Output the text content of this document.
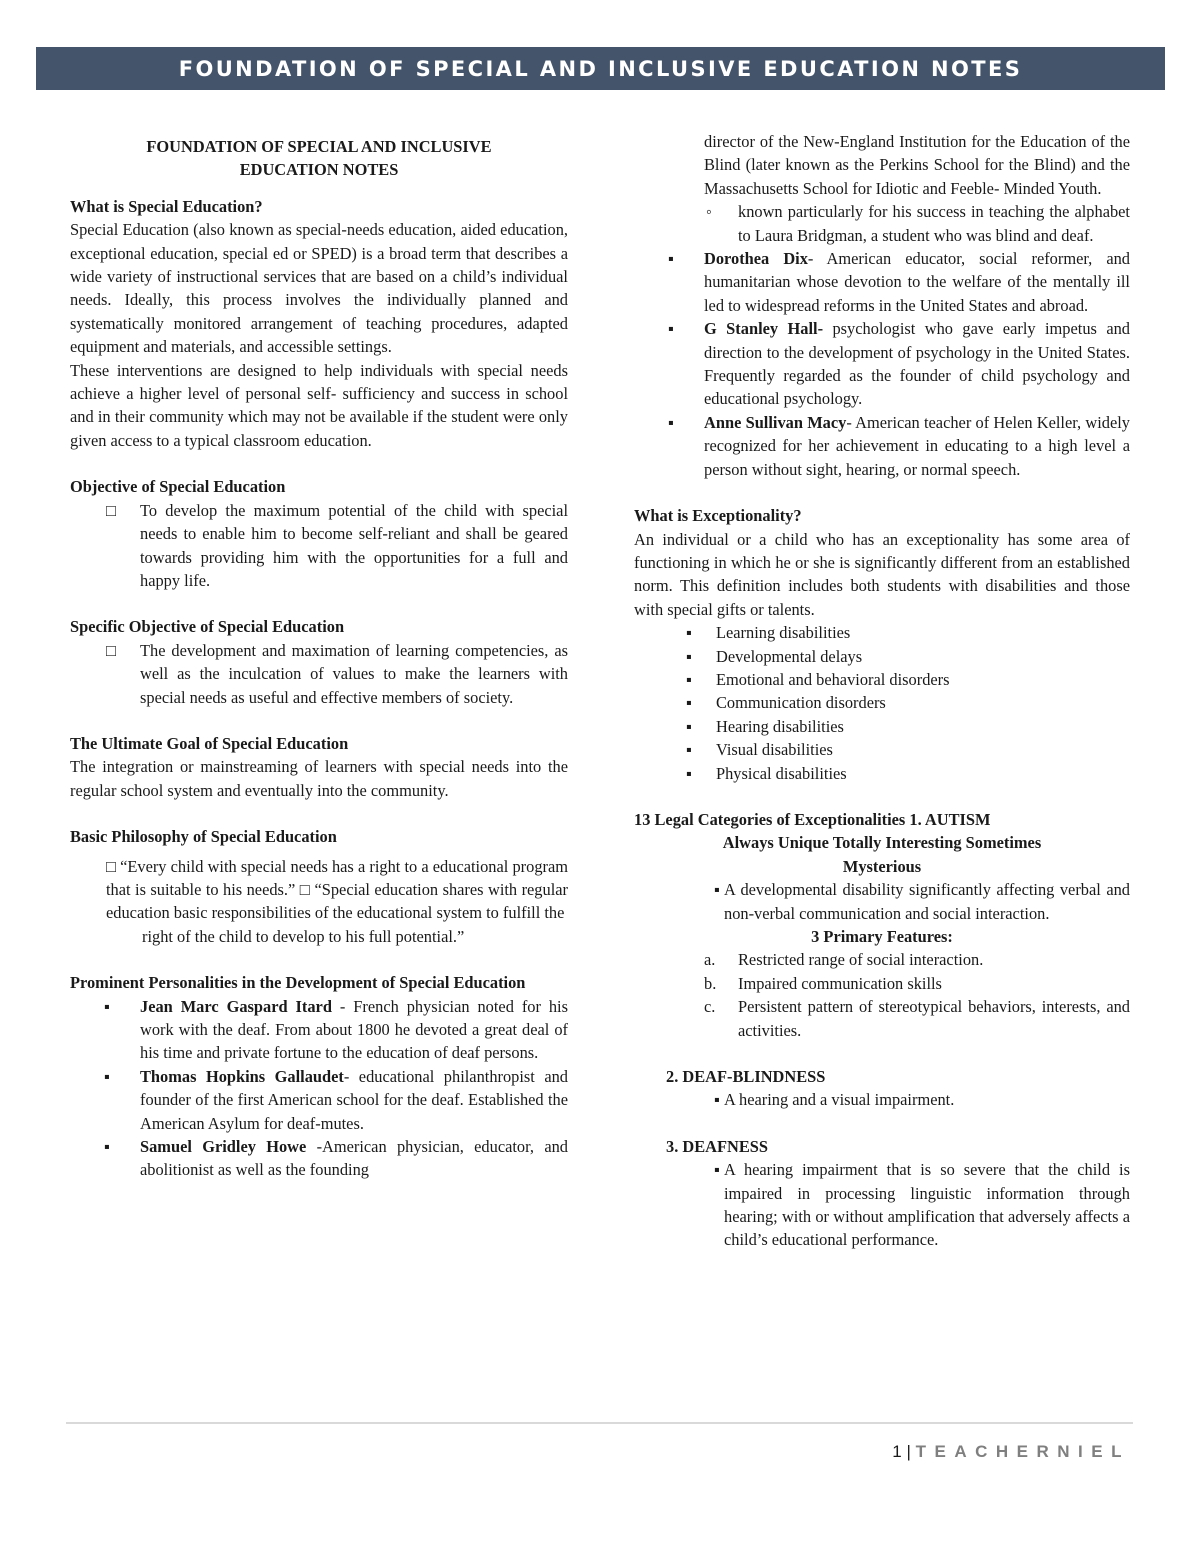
FOUNDATION OF SPECIAL AND INCLUSIVE EDUCATION NOTES

FOUNDATION OF SPECIAL AND INCLUSIVE
EDUCATION NOTES

What is Special Education?

Special Education (also known as special-needs education, aided education, exceptional education, special ed or SPED) is a broad term that describes a wide variety of instructional services that are based on a child’s individual needs. Ideally, this process involves the individually planned and systematically monitored arrangement of teaching procedures, adapted equipment and materials, and accessible settings.

These interventions are designed to help individuals with special needs achieve a higher level of personal self- sufficiency and success in school and in their community which may not be available if the student were only given access to a typical classroom education.

Objective of Special Education

□	To develop the maximum potential of the child with special needs to enable him to become self-reliant and shall be geared towards providing him with the opportunities for a full and happy life.

Specific Objective of Special Education

□	The development and maximation of learning competencies, as well as the inculcation of values to make the learners with special needs as useful and effective members of society.

The Ultimate Goal of Special Education

The integration or mainstreaming of learners with special needs into the regular school system and eventually into the community.

Basic Philosophy of Special Education

□ “Every child with special needs has a right to a educational program that is suitable to his needs.” □ “Special education shares with regular education basic responsibilities of the educational system to fulfill the

right of the child to develop to his full potential.”

Prominent Personalities in the Development of Special Education

▪	Jean Marc Gaspard Itard - French physician noted for his work with the deaf. From about 1800 he devoted a great deal of his time and private fortune to the education of deaf persons.
▪	Thomas Hopkins Gallaudet- educational philanthropist and founder of the first American school for the deaf. Established the American Asylum for deaf-mutes.
▪	Samuel Gridley Howe -American physician, educator, and abolitionist as well as the founding

director of the New-England Institution for the Education of the Blind (later known as the Perkins School for the Blind) and the Massachusetts School for Idiotic and Feeble- Minded Youth.

◦	known particularly for his success in teaching the alphabet to Laura Bridgman, a student who was blind and deaf.
▪	Dorothea Dix- American educator, social reformer, and humanitarian whose devotion to the welfare of the mentally ill led to widespread reforms in the United States and abroad.
▪	G Stanley Hall- psychologist who gave early impetus and direction to the development of psychology in the United States. Frequently regarded as the founder of child psychology and educational psychology.
▪	Anne Sullivan Macy- American teacher of Helen Keller, widely recognized for her achievement in educating to a high level a person without sight, hearing, or normal speech.

What is Exceptionality?

An individual or a child who has an exceptionality has some area of functioning in which he or she is significantly different from an established norm. This definition includes both students with disabilities and those with special gifts or talents.

▪	Learning disabilities
▪	Developmental delays
▪	Emotional and behavioral disorders
▪	Communication disorders
▪	Hearing disabilities
▪	Visual disabilities
▪	Physical disabilities

13 Legal Categories of Exceptionalities 1. AUTISM

Always Unique Totally Interesting Sometimes
Mysterious

▪ A developmental disability significantly affecting verbal and non-verbal communication and social interaction.

3 Primary Features:

a.	Restricted range of social interaction.
b.	Impaired communication skills
c.	Persistent pattern of stereotypical behaviors, interests, and activities.

2. DEAF-BLINDNESS

▪ A hearing and a visual impairment.

3. DEAFNESS

▪ A hearing impairment that is so severe that the child is impaired in processing linguistic information through hearing; with or without amplification that adversely affects a child’s educational performance.
1 | TEACHERNIEL
